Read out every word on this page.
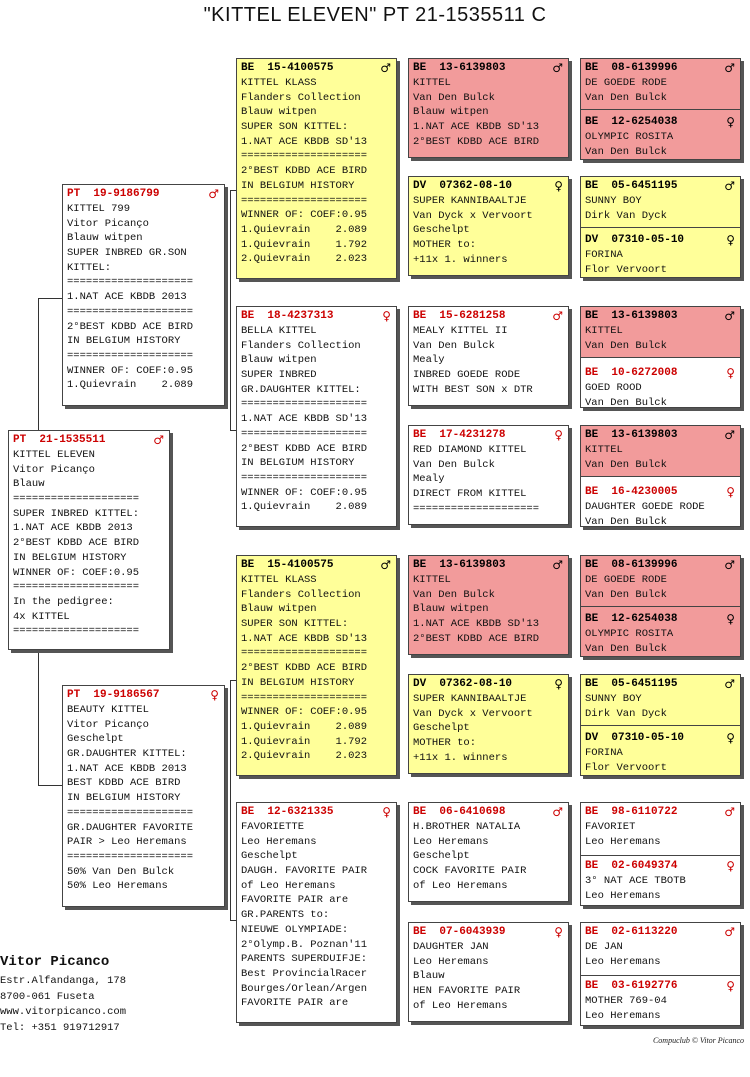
"KITTEL ELEVEN" PT 21-1535511 C
PT  21-1535511	♂
KITTEL ELEVEN
Vitor Picanço
Blauw
====================
SUPER INBRED KITTEL:
1.NAT ACE KBDB 2013
2°BEST KDBD ACE BIRD
IN BELGIUM HISTORY
WINNER OF: COEF:0.95
====================
In the pedigree:
4x KITTEL
====================
PT  19-9186799	♂
KITTEL 799
Vitor Picanço
Blauw witpen
SUPER INBRED GR.SON
KITTEL:
====================
1.NAT ACE KBDB 2013
====================
2°BEST KDBD ACE BIRD
IN BELGIUM HISTORY
====================
WINNER OF: COEF:0.95
1.Quievrain    2.089
PT  19-9186567	♀
BEAUTY KITTEL
Vitor Picanço
Geschelpt
GR.DAUGHTER KITTEL:
1.NAT ACE KBDB 2013
BEST KDBD ACE BIRD
IN BELGIUM HISTORY
====================
GR.DAUGHTER FAVORITE
PAIR > Leo Heremans
====================
50% Van Den Bulck
50% Leo Heremans
BE  15-4100575	♂
KITTEL KLASS
Flanders Collection
Blauw witpen
SUPER SON KITTEL:
1.NAT ACE KBDB SD'13
====================
2°BEST KDBD ACE BIRD
IN BELGIUM HISTORY
====================
WINNER OF: COEF:0.95
1.Quievrain    2.089
1.Quievrain    1.792
2.Quievrain    2.023
BE  18-4237313	♀
BELLA KITTEL
Flanders Collection
Blauw witpen
SUPER INBRED
GR.DAUGHTER KITTEL:
====================
1.NAT ACE KBDB SD'13
====================
2°BEST KDBD ACE BIRD
IN BELGIUM HISTORY
====================
WINNER OF: COEF:0.95
1.Quievrain    2.089
BE  15-4100575	♂
KITTEL KLASS
Flanders Collection
Blauw witpen
SUPER SON KITTEL:
1.NAT ACE KBDB SD'13
====================
2°BEST KDBD ACE BIRD
IN BELGIUM HISTORY
====================
WINNER OF: COEF:0.95
1.Quievrain    2.089
1.Quievrain    1.792
2.Quievrain    2.023
BE  12-6321335	♀
FAVORIETTE
Leo Heremans
Geschelpt
DAUGH. FAVORITE PAIR
of Leo Heremans
FAVORITE PAIR are
GR.PARENTS to:
NIEUWE OLYMPIADE:
2°Olymp.B. Poznan'11
PARENTS SUPERDUIFJE:
Best ProvincialRacer
Bourges/Orlean/Argen
FAVORITE PAIR are
BE  13-6139803	♂
KITTEL
Van Den Bulck
Blauw witpen
1.NAT ACE KBDB SD'13
2°BEST KDBD ACE BIRD
DV  07362-08-10	♀
SUPER KANNIBAALTJE
Van Dyck x Vervoort
Geschelpt
MOTHER to:
+11x 1. winners
BE  15-6281258	♂
MEALY KITTEL II
Van Den Bulck
Mealy
INBRED GOEDE RODE
WITH BEST SON x DTR
BE  17-4231278	♀
RED DIAMOND KITTEL
Van Den Bulck
Mealy
DIRECT FROM KITTEL
====================
BE  13-6139803	♂
KITTEL
Van Den Bulck
Blauw witpen
1.NAT ACE KBDB SD'13
2°BEST KDBD ACE BIRD
DV  07362-08-10	♀
SUPER KANNIBAALTJE
Van Dyck x Vervoort
Geschelpt
MOTHER to:
+11x 1. winners
BE  06-6410698	♂
H.BROTHER NATALIA
Leo Heremans
Geschelpt
COCK FAVORITE PAIR
of Leo Heremans
BE  07-6043939	♀
DAUGHTER JAN
Leo Heremans
Blauw
HEN FAVORITE PAIR
of Leo Heremans
BE  08-6139996	♂
DE GOEDE RODE
Van Den Bulck
BE  12-6254038	♀
OLYMPIC ROSITA
Van Den Bulck
BE  05-6451195	♂
SUNNY BOY
Dirk Van Dyck
DV  07310-05-10	♀
FORINA
Flor Vervoort
BE  13-6139803	♂
KITTEL
Van Den Bulck
BE  10-6272008	♀
GOED ROOD
Van Den Bulck
BE  13-6139803	♂
KITTEL
Van Den Bulck
BE  16-4230005	♀
DAUGHTER GOEDE RODE
Van Den Bulck
BE  08-6139996	♂
DE GOEDE RODE
Van Den Bulck
BE  12-6254038	♀
OLYMPIC ROSITA
Van Den Bulck
BE  05-6451195	♂
SUNNY BOY
Dirk Van Dyck
DV  07310-05-10	♀
FORINA
Flor Vervoort
BE  98-6110722	♂
FAVORIET
Leo Heremans
BE  02-6049374	♀
3° NAT ACE TBOTB
Leo Heremans
BE  02-6113220	♂
DE JAN
Leo Heremans
BE  03-6192776	♀
MOTHER 769-04
Leo Heremans
Vitor Picanco
Estr.Alfandanga, 178
8700-061 Fuseta
www.vitorpicanco.com
Tel: +351 919712917
Compuclub © Vitor Picanco
